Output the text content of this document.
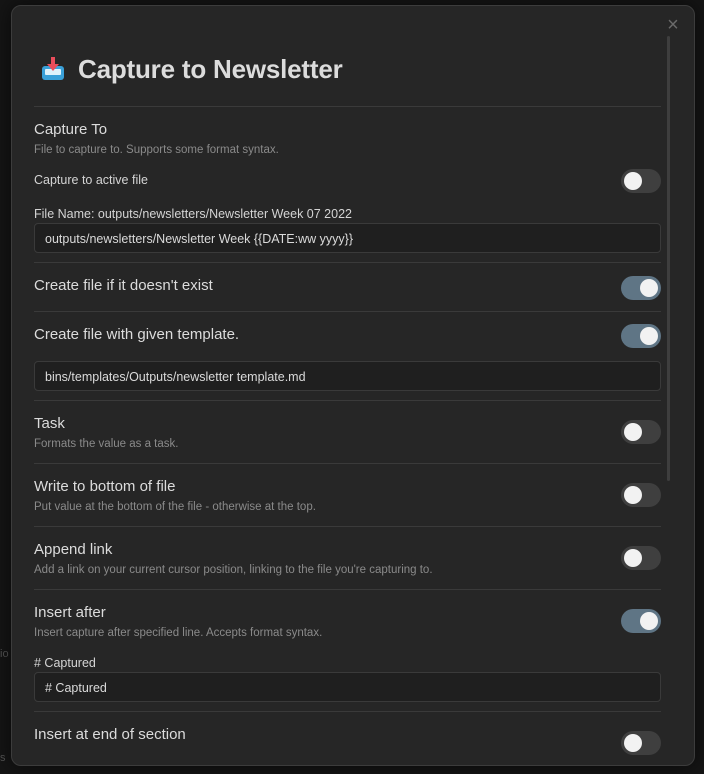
io
s
×
Capture to Newsletter
Capture To
File to capture to. Supports some format syntax.
Capture to active file
File Name: outputs/newsletters/Newsletter Week 07 2022
outputs/newsletters/Newsletter Week {{DATE:ww yyyy}}
Create file if it doesn't exist
Create file with given template.
bins/templates/Outputs/newsletter template.md
Task
Formats the value as a task.
Write to bottom of file
Put value at the bottom of the file - otherwise at the top.
Append link
Add a link on your current cursor position, linking to the file you're capturing to.
Insert after
Insert capture after specified line. Accepts format syntax.
# Captured
# Captured
Insert at end of section
